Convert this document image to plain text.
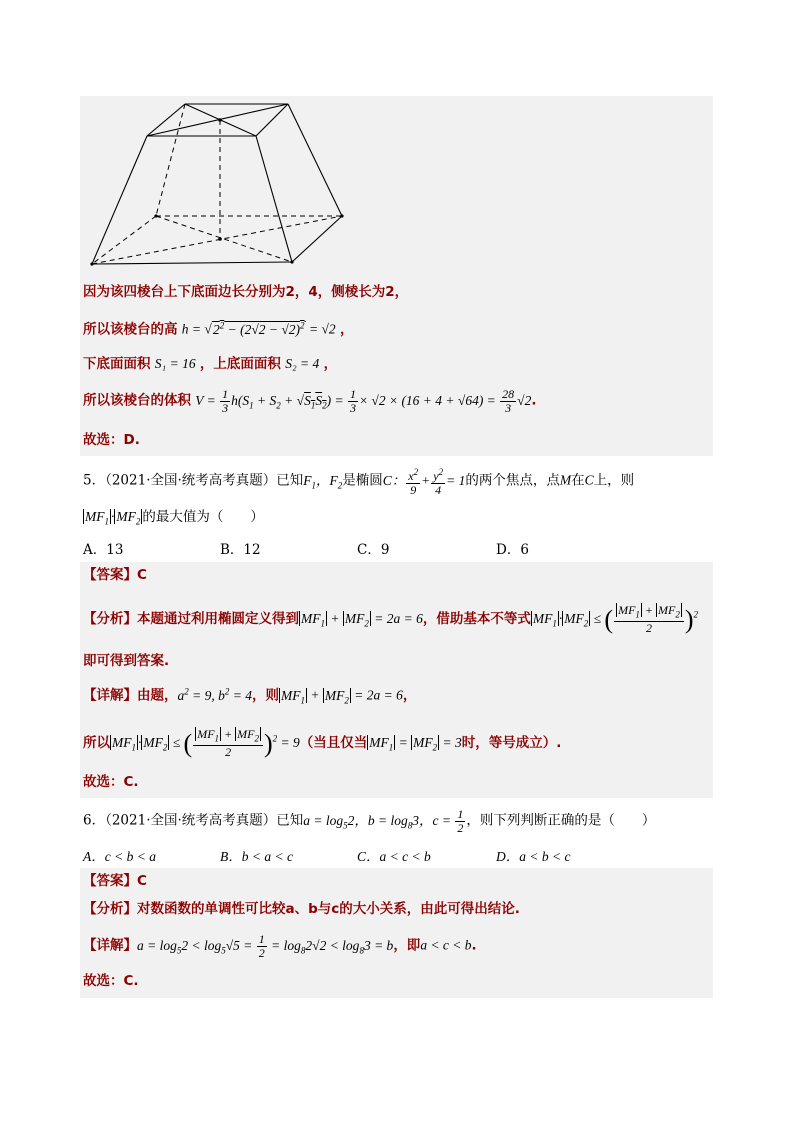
因为该四棱台上下底面边长分别为2，4，侧棱长为2，
所以该棱台的高 h = √ $2^2 - (2√2 - √2)^2$  = √2 ，
下底面面积 S₁ = 16 ，上底面面积 S₂ = 4 ，
所以该棱台的体积 $V = \frac{1}{3} h(S_1 + S_2 + √S_1S_2) = \frac{1}{3} \times √2 \times (16 + 4 + √64) = \frac{28}{3} √2$.
故选：D.
5．（2021·全国·统考高考真题）已知$F_1$，$F_2$是椭圆C： $\frac{x^2}{9} + \frac{y^2}{4} = 1$的两个焦点，点M在C上，则
$MF_1 \cdot MF_2$ 的最大值为（　　）
A．13	B．12	C．9	D．6
【答案】C
【分析】本题通过利用椭圆定义得到 $MF_1 + MF_2 = 2a = 6$，借助基本不等式 $MF_1 \cdot MF_2$ ≤ ( $\frac{MF_1 + MF_2}{2} )^2$
即可得到答案.
【详解】由题，$a^2 = 9$, $b^2 = 4$，则 $MF_1 + MF_2 = 2a = 6$，
所以 $MF_1 \cdot MF_2$ ≤ ( $\frac{MF_1 + MF_2}{2} )^2 = 9$（当且仅当 $MF_1 = MF_2 = 3$时，等号成立）.
故选：C.
6．（2021·全国·统考高考真题）已知$a = \log_52$，$b = \log_83$，$c = \frac{1}{2}$ ，则下列判断正确的是（　　）
A．c < b < a	B．b < a < c	C．a < c < b	D．a < b < c
【答案】C
【分析】对数函数的单调性可比较a、b与c的大小关系，由此可得出结论.
【详解】$a = \log_52 < \log_5√5 = \frac{1}{2} = \log_82√2 < \log_83 = b$，即a < c < b.
故选：C.
